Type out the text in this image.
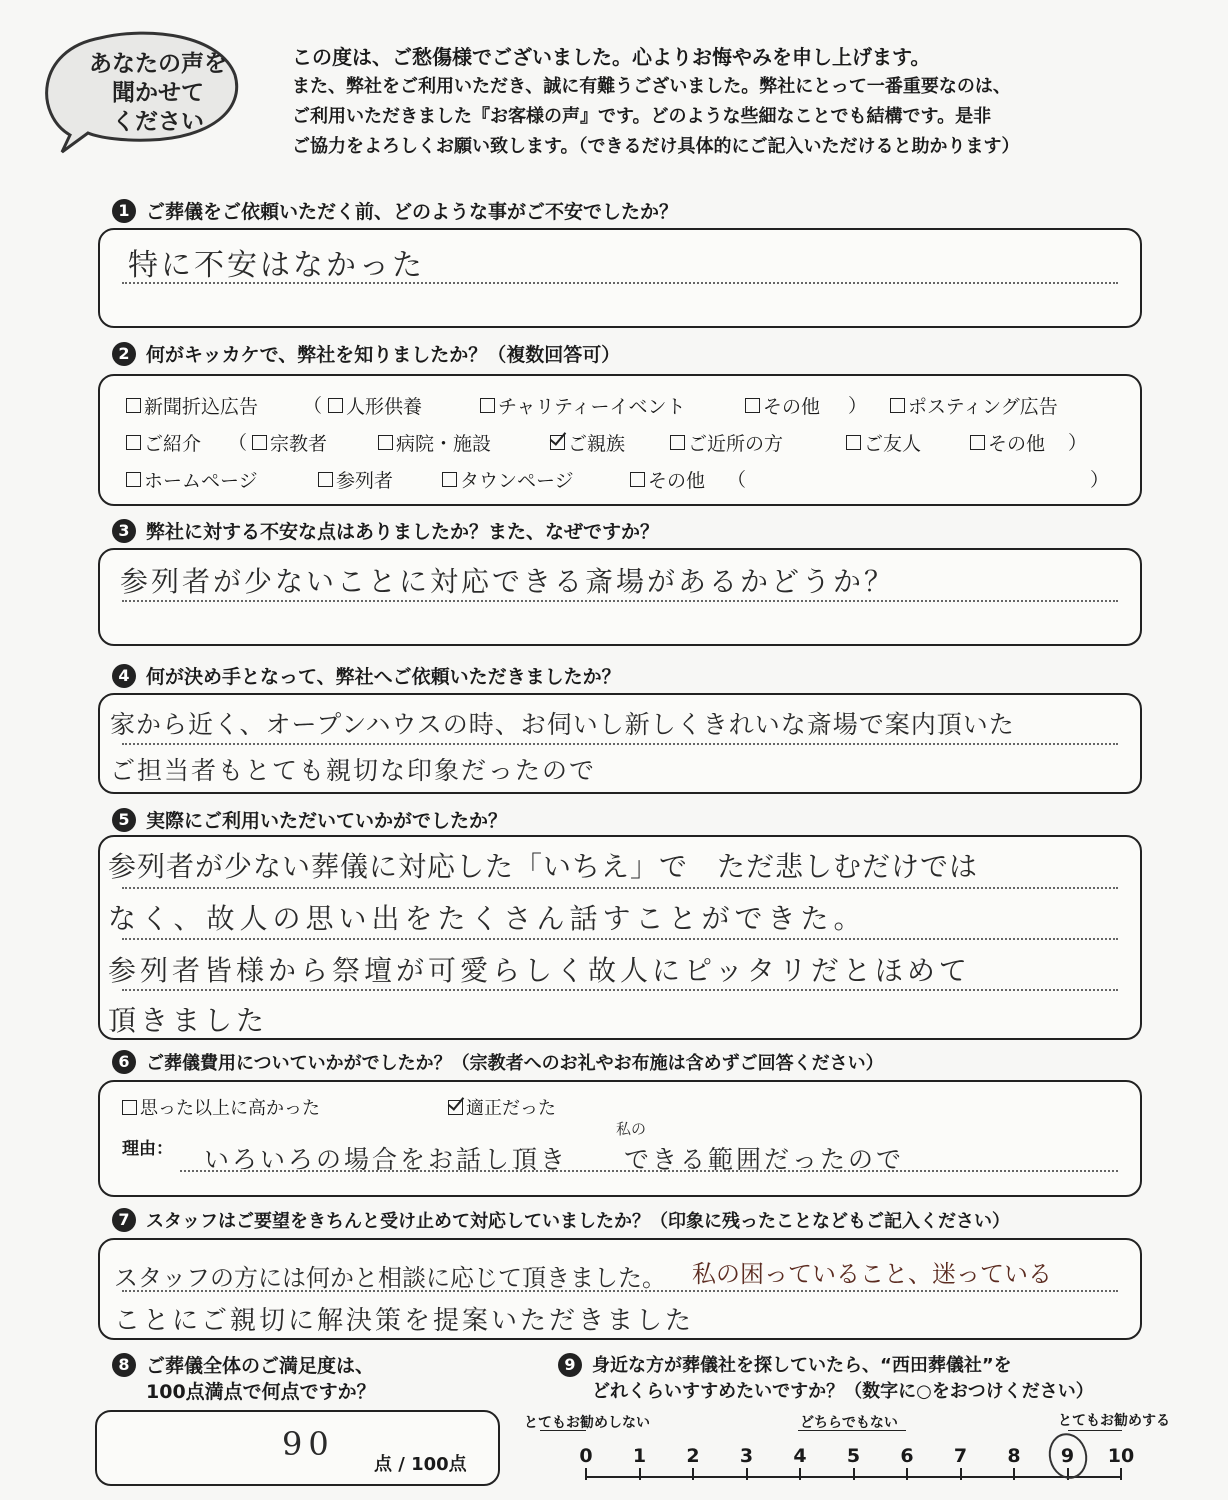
あなたの声を
聞かせて
ください
この度は、ご愁傷様でございました。心よりお悔やみを申し上げます。
また、弊社をご利用いただき、誠に有難うございました。弊社にとって一番重要なのは、
ご利用いただきました『お客様の声』です。どのような些細なことでも結構です。是非
ご協力をよろしくお願い致します。（できるだけ具体的にご記入いただけると助かります）
1 ご葬儀をご依頼いただく前、どのような事がご不安でしたか？
特に不安はなかった
2 何がキッカケで、弊社を知りましたか？（複数回答可）
新聞折込広告 （ 人形供養	チャリティーイベント	その他 ） ポスティング広告
ご紹介 （ 宗教者	病院・施設	ご親族	ご近所の方	ご友人	その他 ）
ホームページ	参列者	タウンページ	その他 （	）
3 弊社に対する不安な点はありましたか？また、なぜですか？
参列者が少ないことに対応できる斎場があるかどうか？
4 何が決め手となって、弊社へご依頼いただきましたか？
家から近く、オープンハウスの時、お伺いし新しくきれいな斎場で案内頂いた
ご担当者もとても親切な印象だったので
5 実際にご利用いただいていかがでしたか？
参列者が少ない葬儀に対応した「いちえ」で　ただ悲しむだけでは
なく、故人の思い出をたくさん話すことができた。
参列者皆様から祭壇が可愛らしく故人にピッタリだとほめて
頂きました
6 ご葬儀費用についていかがでしたか？（宗教者へのお礼やお布施は含めずご回答ください）
思った以上に高かった	適正だった
理由： いろいろの場合をお話し頂き
私の
できる範囲だったので
7 スタッフはご要望をきちんと受け止めて対応していましたか？（印象に残ったことなどもご記入ください）
スタッフの方には何かと相談に応じて頂きました。 私の困っていること、迷っている
ことにご親切に解決策を提案いただきました
8 ご葬儀全体のご満足度は、
100点満点で何点ですか？
90
点 / 100点
9 身近な方が葬儀社を探していたら、“西田葬儀社”を
どれくらいすすめたいですか？（数字に○をおつけください）
とてもお勧めしない	どちらでもない	とてもお勧めする
0	1	2	3	4	5	6	7	8	9	10
